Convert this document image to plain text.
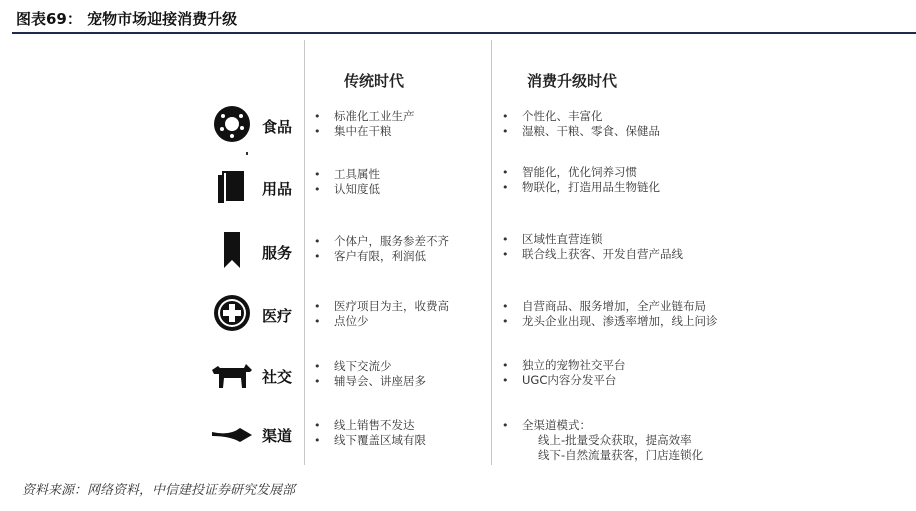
图表69： 宠物市场迎接消费升级
传统时代	消费升级时代
食品
• 标准化工业生产
• 集中在干粮
• 个性化、丰富化
• 湿粮、干粮、零食、保健品
用品
• 工具属性
• 认知度低
• 智能化，优化饲养习惯
• 物联化，打造用品生物链化
服务
• 个体户，服务参差不齐
• 客户有限，利润低
• 区域性直营连锁
• 联合线上获客、开发自营产品线
医疗
• 医疗项目为主，收费高
• 点位少
• 自营商品、服务增加，全产业链布局
• 龙头企业出现、渗透率增加，线上问诊
社交
• 线下交流少
• 辅导会、讲座居多
• 独立的宠物社交平台
• UGC内容分发平台
渠道
• 线上销售不发达
• 线下覆盖区域有限
• 全渠道模式：
线上-批量受众获取，提高效率
线下-自然流量获客，门店连锁化
资料来源：网络资料，中信建投证券研究发展部
